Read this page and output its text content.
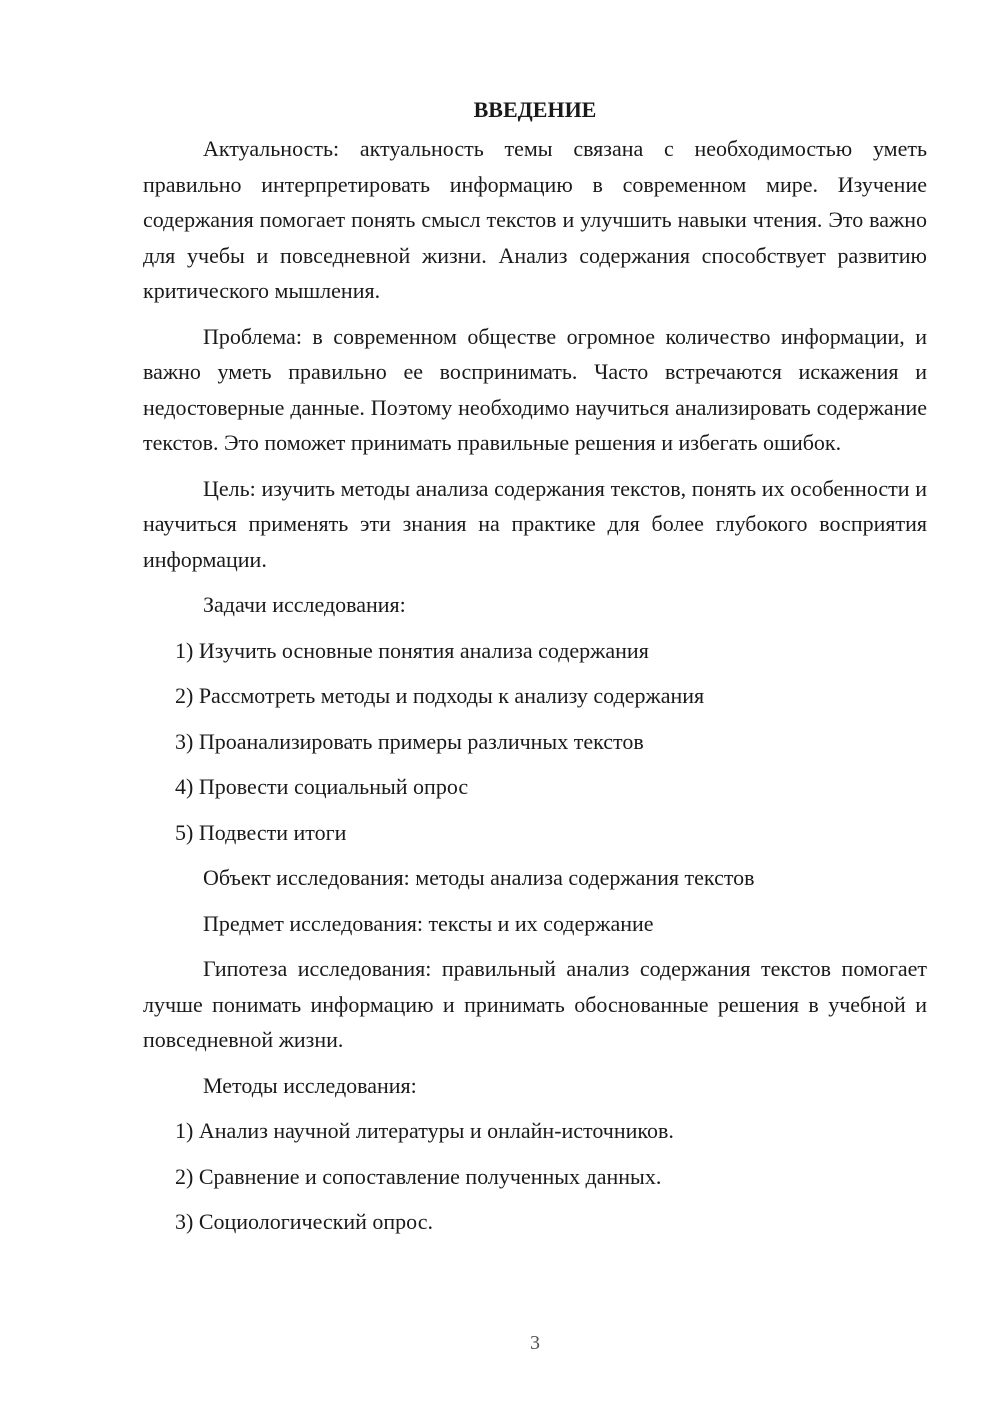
ВВЕДЕНИЕ

Актуальность: актуальность темы связана с необходимостью уметь правильно интерпретировать информацию в современном мире. Изучение содержания помогает понять смысл текстов и улучшить навыки чтения. Это важно для учебы и повседневной жизни. Анализ содержания способствует развитию критического мышления.

Проблема: в современном обществе огромное количество информации, и важно уметь правильно ее воспринимать. Часто встречаются искажения и недостоверные данные. Поэтому необходимо научиться анализировать содержание текстов. Это поможет принимать правильные решения и избегать ошибок.

Цель: изучить методы анализа содержания текстов, понять их особенности и научиться применять эти знания на практике для более глубокого восприятия информации.

Задачи исследования:

1) Изучить основные понятия анализа содержания
2) Рассмотреть методы и подходы к анализу содержания
3) Проанализировать примеры различных текстов
4) Провести социальный опрос
5) Подвести итоги

Объект исследования: методы анализа содержания текстов

Предмет исследования: тексты и их содержание

Гипотеза исследования: правильный анализ содержания текстов помогает лучше понимать информацию и принимать обоснованные решения в учебной и повседневной жизни.

Методы исследования:

1) Анализ научной литературы и онлайн-источников.
2) Сравнение и сопоставление полученных данных.
3) Социологический опрос.
3
